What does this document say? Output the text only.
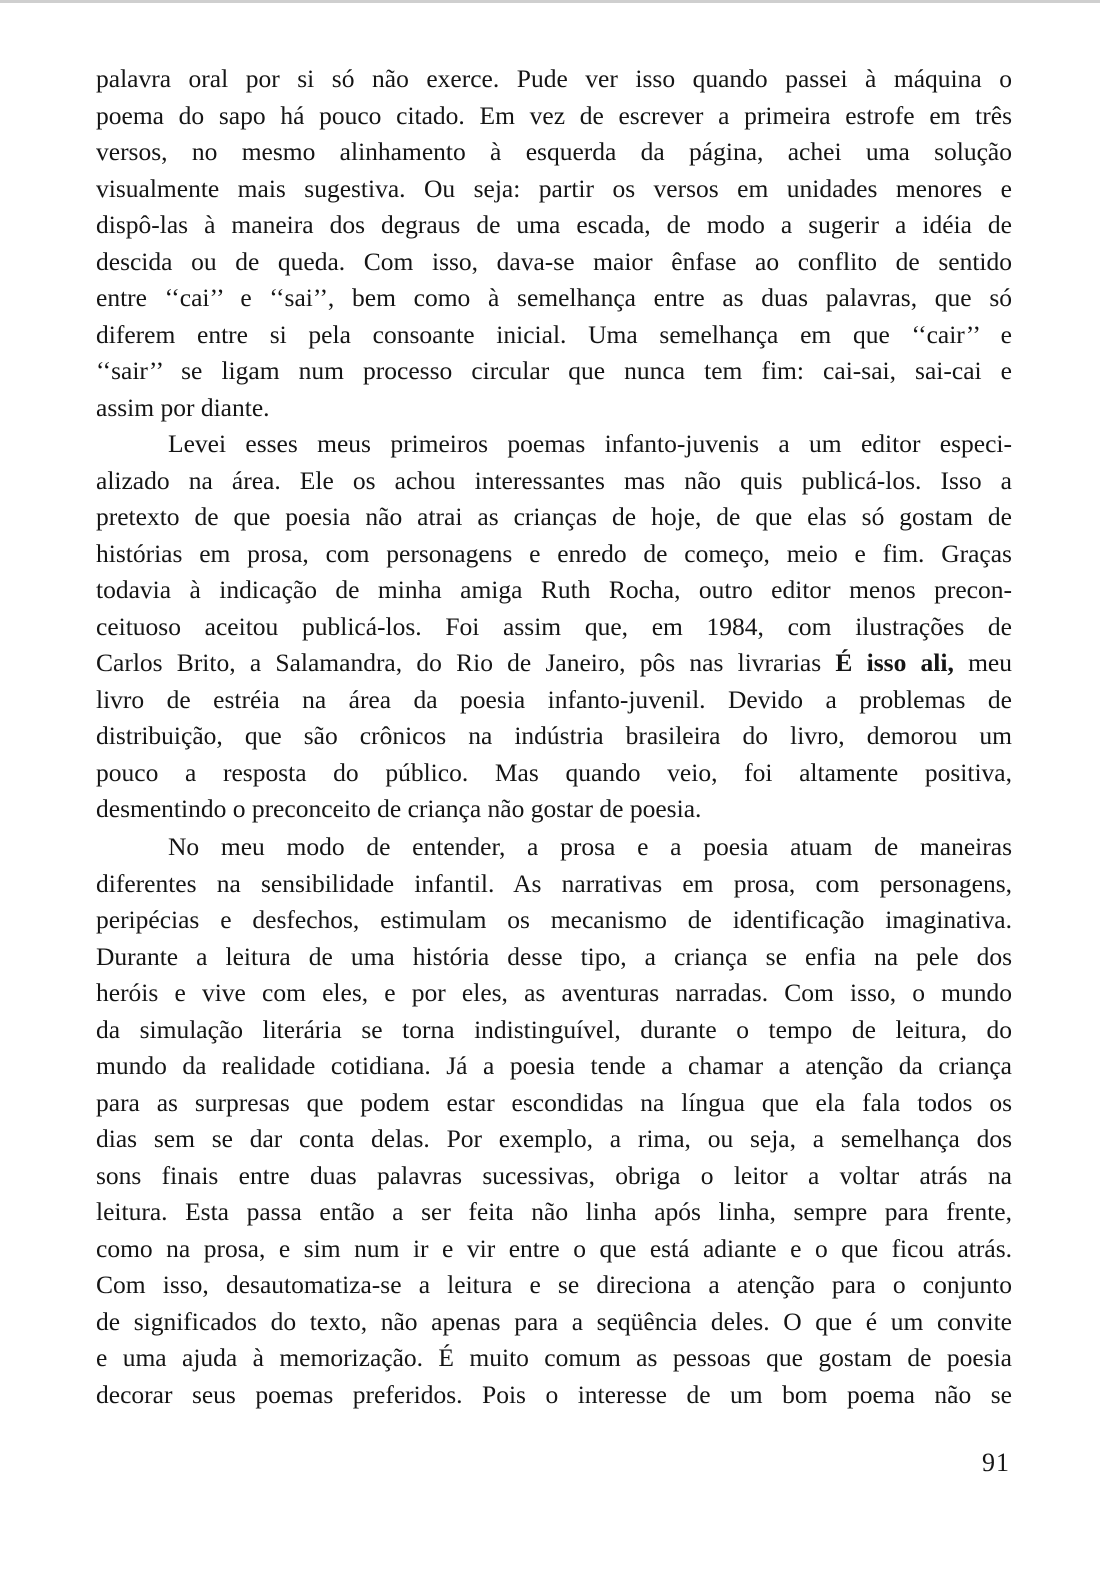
palavra oral por si só não exerce. Pude ver isso quando passei à máquina o
poema do sapo há pouco citado. Em vez de escrever a primeira estrofe em três
versos, no mesmo alinhamento à esquerda da página, achei uma solução
visualmente mais sugestiva. Ou seja: partir os versos em unidades menores e
dispô-las à maneira dos degraus de uma escada, de modo a sugerir a idéia de
descida ou de queda. Com isso, dava-se maior ênfase ao conflito de sentido
entre ‘‘cai’’ e ‘‘sai’’, bem como à semelhança entre as duas palavras, que só
diferem entre si pela consoante inicial. Uma semelhança em que ‘‘cair’’ e
‘‘sair’’ se ligam num processo circular que nunca tem fim: cai-sai, sai-cai e
assim por diante.
Levei esses meus primeiros poemas infanto-juvenis a um editor especi-
alizado na área. Ele os achou interessantes mas não quis publicá-los. Isso a
pretexto de que poesia não atrai as crianças de hoje, de que elas só gostam de
histórias em prosa, com personagens e enredo de começo, meio e fim. Graças
todavia à indicação de minha amiga Ruth Rocha, outro editor menos precon-
ceituoso aceitou publicá-los. Foi assim que, em 1984, com ilustrações de
Carlos Brito, a Salamandra, do Rio de Janeiro, pôs nas livrarias É isso ali, meu
livro de estréia na área da poesia infanto-juvenil. Devido a problemas de
distribuição, que são crônicos na indústria brasileira do livro, demorou um
pouco a resposta do público. Mas quando veio, foi altamente positiva,
desmentindo o preconceito de criança não gostar de poesia.
No meu modo de entender, a prosa e a poesia atuam de maneiras
diferentes na sensibilidade infantil. As narrativas em prosa, com personagens,
peripécias e desfechos, estimulam os mecanismo de identificação imaginativa.
Durante a leitura de uma história desse tipo, a criança se enfia na pele dos
heróis e vive com eles, e por eles, as aventuras narradas. Com isso, o mundo
da simulação literária se torna indistinguível, durante o tempo de leitura, do
mundo da realidade cotidiana. Já a poesia tende a chamar a atenção da criança
para as surpresas que podem estar escondidas na língua que ela fala todos os
dias sem se dar conta delas. Por exemplo, a rima, ou seja, a semelhança dos
sons finais entre duas palavras sucessivas, obriga o leitor a voltar atrás na
leitura. Esta passa então a ser feita não linha após linha, sempre para frente,
como na prosa, e sim num ir e vir entre o que está adiante e o que ficou atrás.
Com isso, desautomatiza-se a leitura e se direciona a atenção para o conjunto
de significados do texto, não apenas para a seqüência deles. O que é um convite
e uma ajuda à memorização. É muito comum as pessoas que gostam de poesia
decorar seus poemas preferidos. Pois o interesse de um bom poema não se
91
